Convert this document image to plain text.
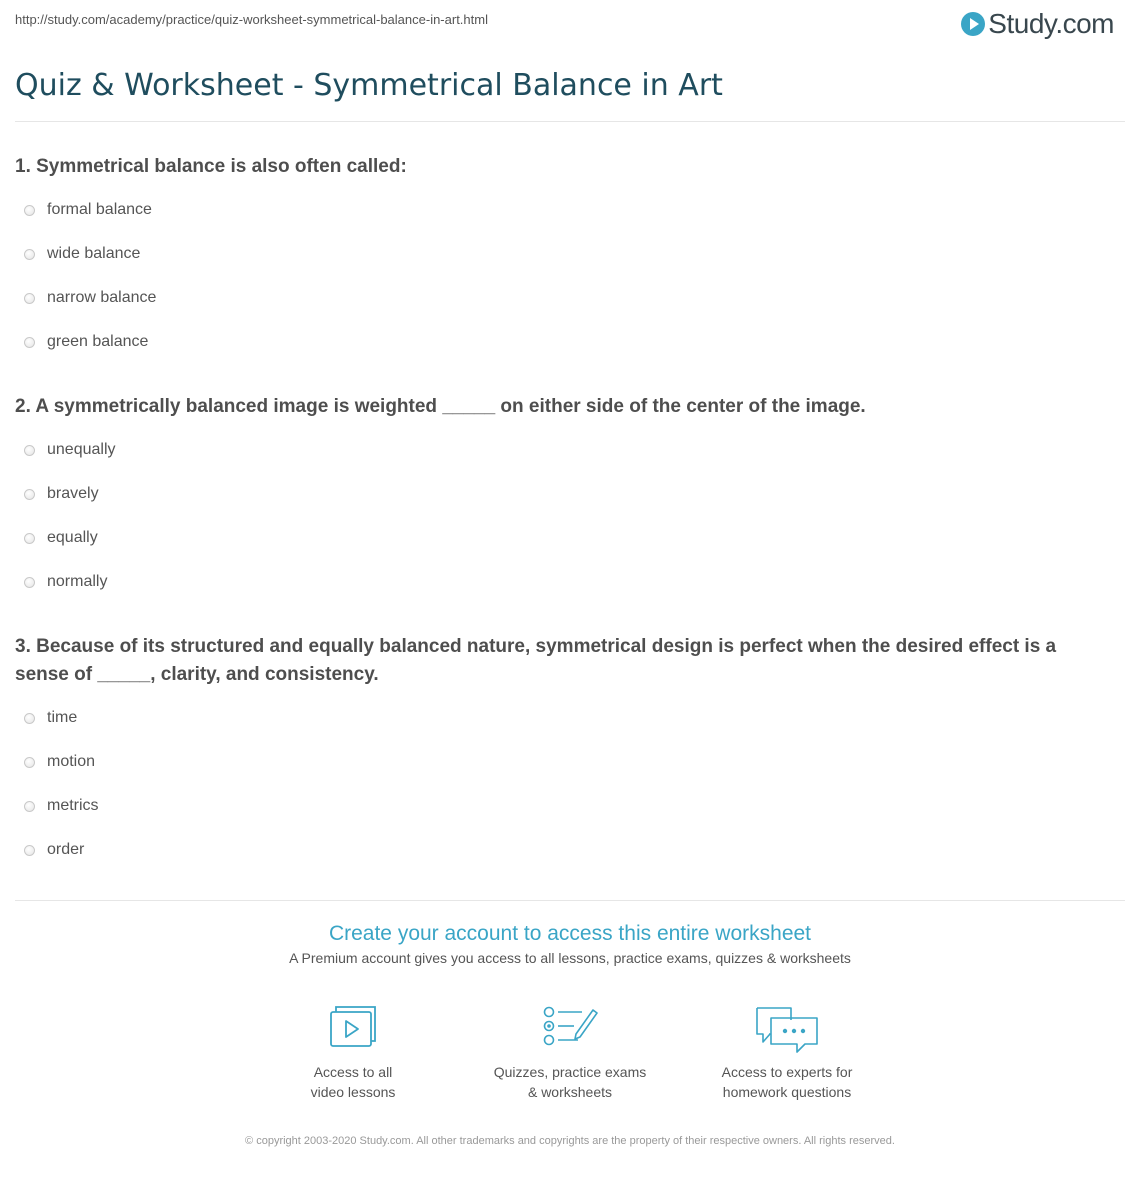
http://study.com/academy/practice/quiz-worksheet-symmetrical-balance-in-art.html	Study.com
Quiz & Worksheet - Symmetrical Balance in Art
1. Symmetrical balance is also often called:
formal balance
wide balance
narrow balance
green balance
2. A symmetrically balanced image is weighted _____ on either side of the center of the image.
unequally
bravely
equally
normally
3. Because of its structured and equally balanced nature, symmetrical design is perfect when the desired effect is a sense of _____, clarity, and consistency.
time
motion
metrics
order
Create your account to access this entire worksheet
A Premium account gives you access to all lessons, practice exams, quizzes & worksheets
Access to all
video lessons
Quizzes, practice exams
& worksheets
Access to experts for
homework questions
© copyright 2003-2020 Study.com. All other trademarks and copyrights are the property of their respective owners. All rights reserved.
